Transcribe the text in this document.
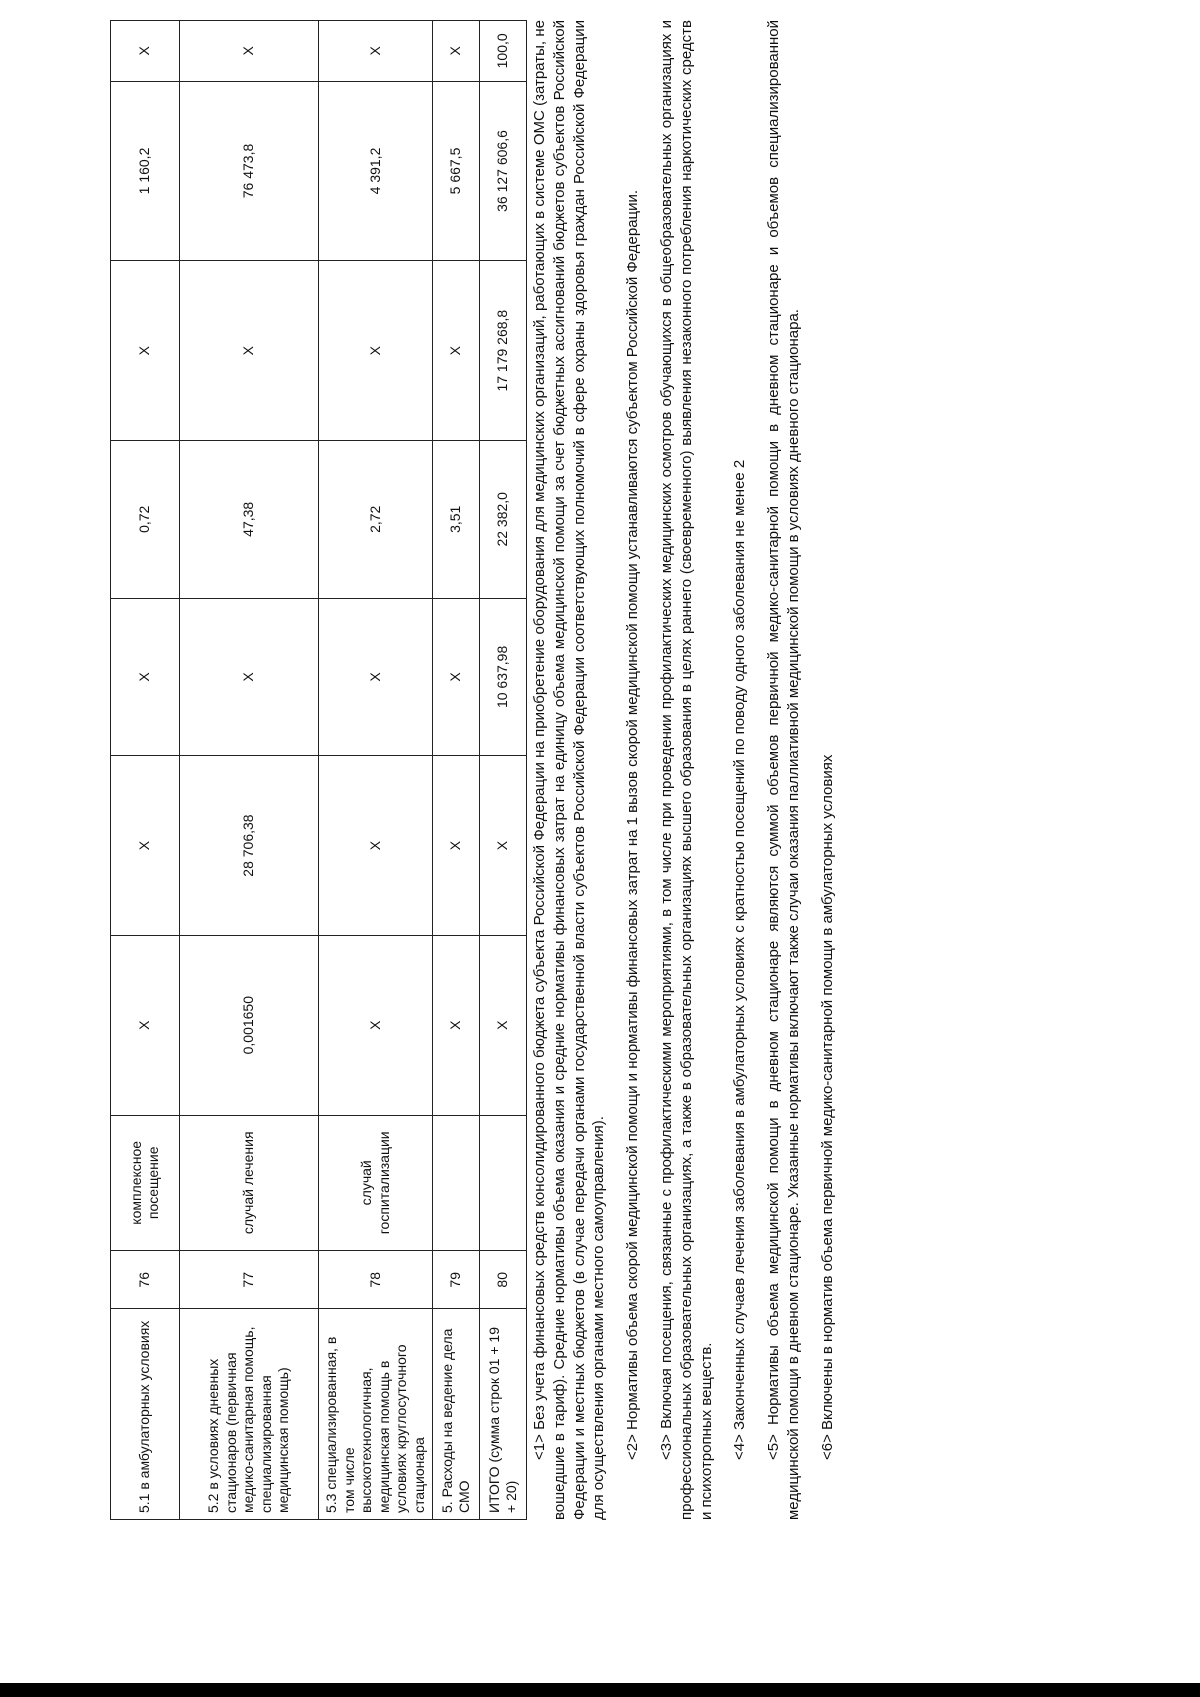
5.1 в амбулаторных условиях	76	комплексное посещение	X	X	X	0,72	X	1 160,2	X
5.2 в условиях дневных стационаров (первичная медико-санитарная помощь, специализированная медицинская помощь)	77	случай лечения	0,001650	28 706,38	X	47,38	X	76 473,8	X
5.3 специализированная, в том числе высокотехнологичная, медицинская помощь в условиях круглосуточного стационара	78	случай госпитализации	X	X	X	2,72	X	4 391,2	X
5. Расходы на ведение дела СМО	79		X	X	X	3,51	X	5 667,5	X
ИТОГО (сумма строк 01 + 19 + 20)	80		X	X	10 637,98	22 382,0	17 179 268,8	36 127 606,6	100,0 <1> Без учета финансовых средств консолидированного бюджета субъекта Российской Федерации на приобретение оборудования для медицинских организаций, работающих в системе ОМС (затраты, не вошедшие в тариф). Средние нормативы объема оказания и средние нормативы финансовых затрат на единицу объема медицинской помощи за счет бюджетных ассигнований бюджетов субъектов Российской Федерации и местных бюджетов (в случае передачи органами государственной власти субъектов Российской Федерации соответствующих полномочий в сфере охраны здоровья граждан Российской Федерации для осуществления органами местного самоуправления). <2> Нормативы объема скорой медицинской помощи и нормативы финансовых затрат на 1 вызов скорой медицинской помощи устанавливаются субъектом Российской Федерации. <3> Включая посещения, связанные с профилактическими мероприятиями, в том числе при проведении профилактических медицинских осмотров обучающихся в общеобразовательных организациях и профессиональных образовательных организациях, а также в образовательных организациях высшего образования в целях раннего (своевременного) выявления незаконного потребления наркотических средств и психотропных веществ. <4> Законченных случаев лечения заболевания в амбулаторных условиях с кратностью посещений по поводу одного заболевания не менее 2 <5> Нормативы объема медицинской помощи в дневном стационаре являются суммой объемов первичной медико-санитарной помощи в дневном стационаре и объемов специализированной медицинской помощи в дневном стационаре. Указанные нормативы включают также случаи оказания паллиативной медицинской помощи в условиях дневного стационара. <6> Включены в норматив объема первичной медико-санитарной помощи в амбулаторных условиях
